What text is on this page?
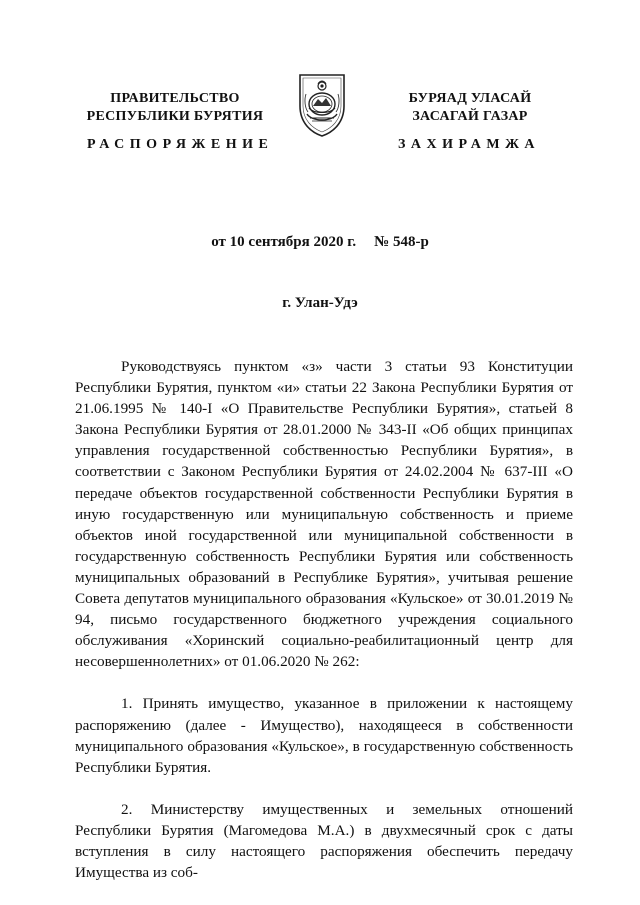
ПРАВИТЕЛЬСТВО
РЕСПУБЛИКИ БУРЯТИЯ
РАСПОРЯЖЕНИЕ
БУРЯАД УЛАСАЙ
ЗАСАГАЙ ГАЗАР
ЗАХИРАМЖА
от 10 сентября 2020 г. № 548-р
г. Улан-Удэ

Руководствуясь пунктом «з» части 3 статьи 93 Конституции Республики Бурятия, пунктом «и» статьи 22 Закона Республики Бурятия от 21.06.1995 № 140-I «О Правительстве Республики Бурятия», статьей 8 Закона Республики Бурятия от 28.01.2000 № 343-II «Об общих принципах управления государственной собственностью Республики Бурятия», в соответствии с Законом Республики Бурятия от 24.02.2004 № 637-III «О передаче объектов государственной собственности Республики Бурятия в иную государственную или муниципальную собственность и приеме объектов иной государственной или муниципальной собственности в государственную собственность Республики Бурятия или собственность муниципальных образований в Республике Бурятия», учитывая решение Совета депутатов муниципального образования «Кульское» от 30.01.2019 № 94, письмо государственного бюджетного учреждения социального обслуживания «Хоринский социально-реабилитационный центр для несовершеннолетних» от 01.06.2020 № 262:

1. Принять имущество, указанное в приложении к настоящему распоряжению (далее - Имущество), находящееся в собственности муниципального образования «Кульское», в государственную собственность Республики Бурятия.

2. Министерству имущественных и земельных отношений Республики Бурятия (Магомедова М.А.) в двухмесячный срок с даты вступления в силу настоящего распоряжения обеспечить передачу Имущества из соб-
